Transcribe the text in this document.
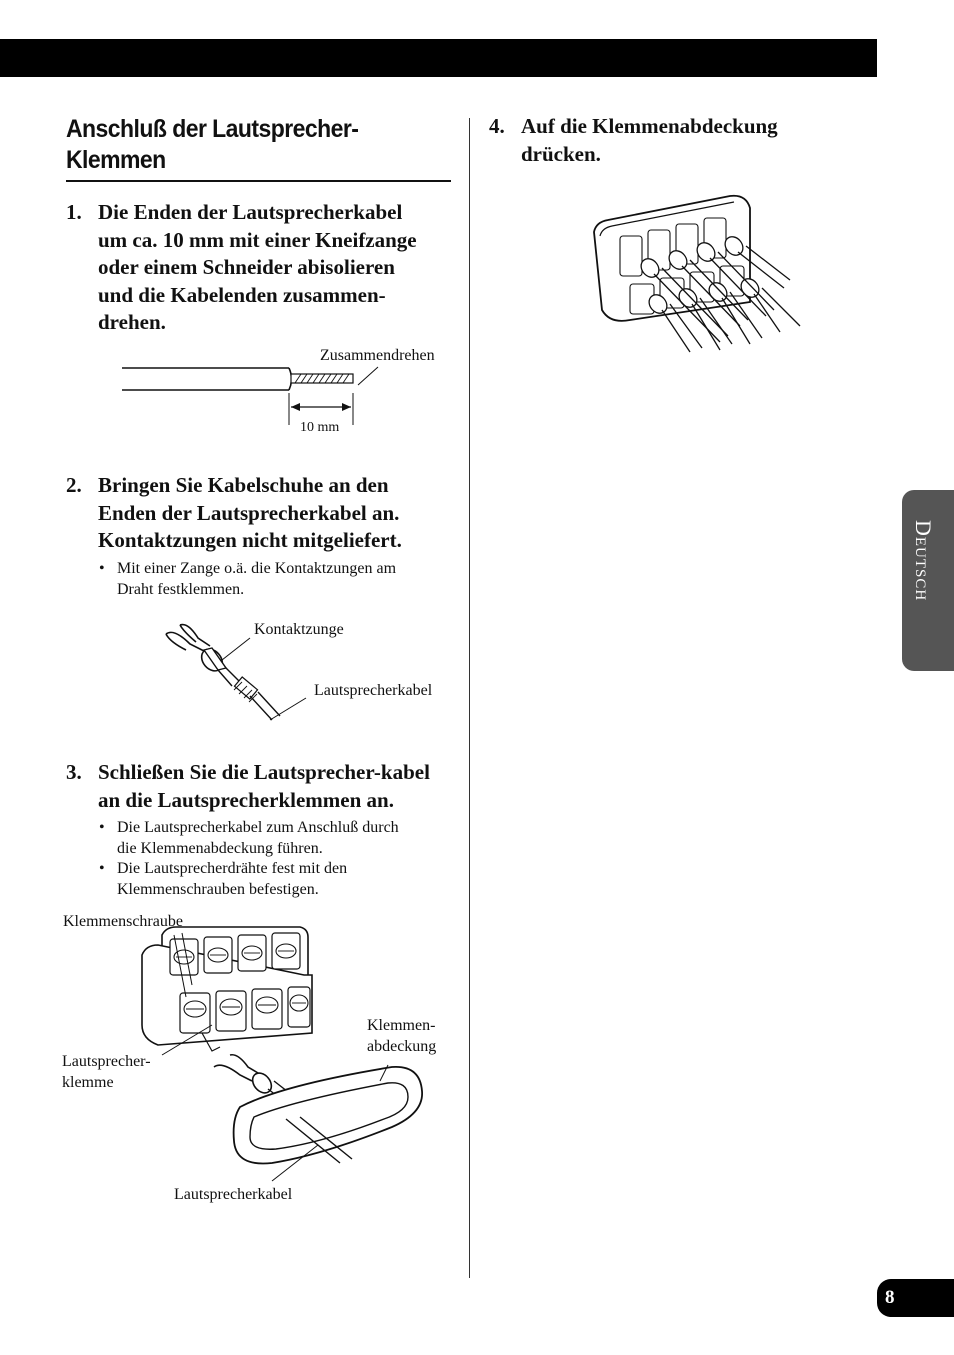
Anschluß der Lautsprecher-Klemmen
1. Die Enden der Lautsprecherkabel
um ca. 10 mm mit einer Kneifzange
oder einem Schneider abisolieren
und die Kabelenden zusammen-
drehen.
Zusammendrehen
10 mm
2. Bringen Sie Kabelschuhe an den
Enden der Lautsprecherkabel an.
Kontaktzungen nicht mitgeliefert.
• Mit einer Zange o.ä. die Kontaktzungen am
Draht festklemmen.
Kontaktzunge
Lautsprecherkabel
3. Schließen Sie die Lautsprecher-kabel
an die Lautsprecherklemmen an.
• Die Lautsprecherkabel zum Anschluß durch
die Klemmenabdeckung führen.
• Die Lautsprecherdrähte fest mit den
Klemmenschrauben befestigen.
Klemmenschraube
Lautsprecher-
klemme
Klemmen-
abdeckung
Lautsprecherkabel
4. Auf die Klemmenabdeckung
drücken.
Deutsch
8
